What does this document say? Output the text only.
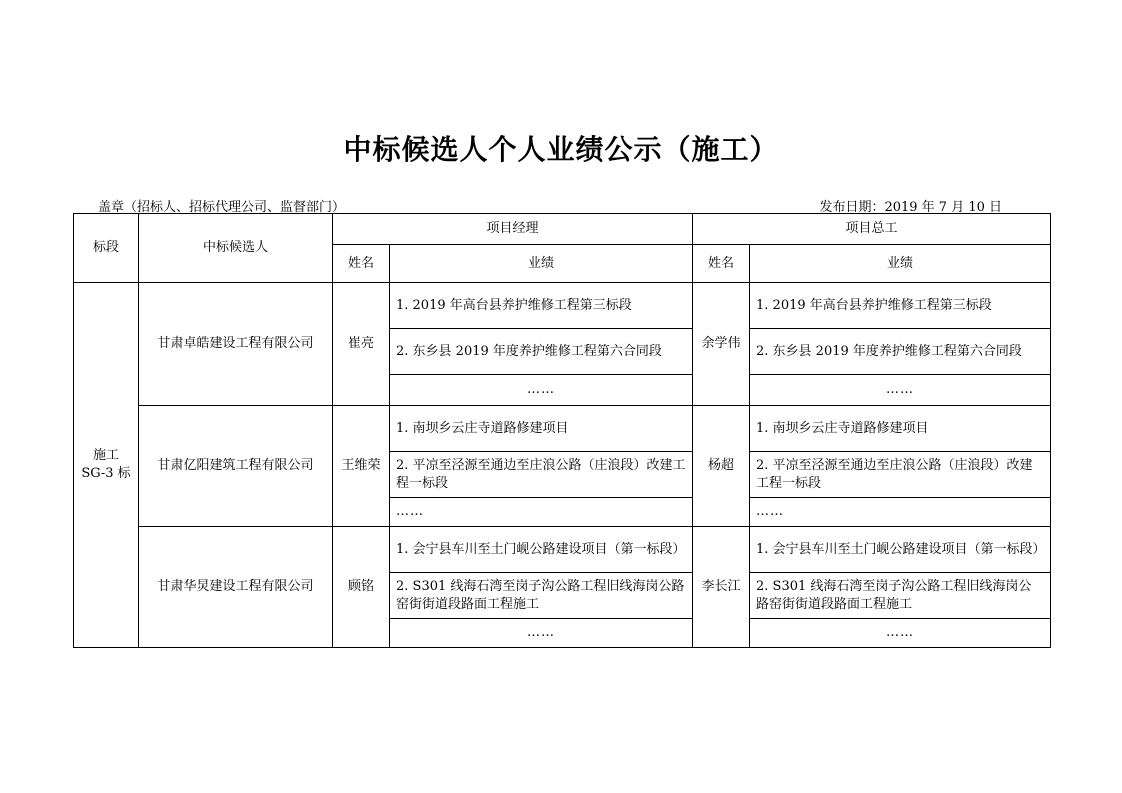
中标候选人个人业绩公示（施工）
盖章（招标人、招标代理公司、监督部门）	发布日期：2019 年 7 月 10 日
标段	中标候选人	项目经理		项目总工	
		姓名	业绩	姓名	业绩

施工
SG-3 标	甘肃卓皓建设工程有限公司	崔亮	1. 2019 年高台县养护维修工程第三标段	余学伟	1. 2019 年高台县养护维修工程第三标段
			2. 东乡县 2019 年度养护维修工程第六合同段		2. 东乡县 2019 年度养护维修工程第六合同段
			……		……
	甘肃亿阳建筑工程有限公司	王维荣	1. 南坝乡云庄寺道路修建项目	杨超	1. 南坝乡云庄寺道路修建项目
			2. 平凉至泾源至通边至庄浪公路（庄浪段）改建工程一标段		2. 平凉至泾源至通边至庄浪公路（庄浪段）改建工程一标段
			……		……
	甘肃华炅建设工程有限公司	顾铭	1. 会宁县车川至土门岘公路建设项目（第一标段）	李长江	1. 会宁县车川至土门岘公路建设项目（第一标段）
			2. S301 线海石湾至岗子沟公路工程旧线海岗公路窑街街道段路面工程施工		2. S301 线海石湾至岗子沟公路工程旧线海岗公路窑街街道段路面工程施工
			……		……
